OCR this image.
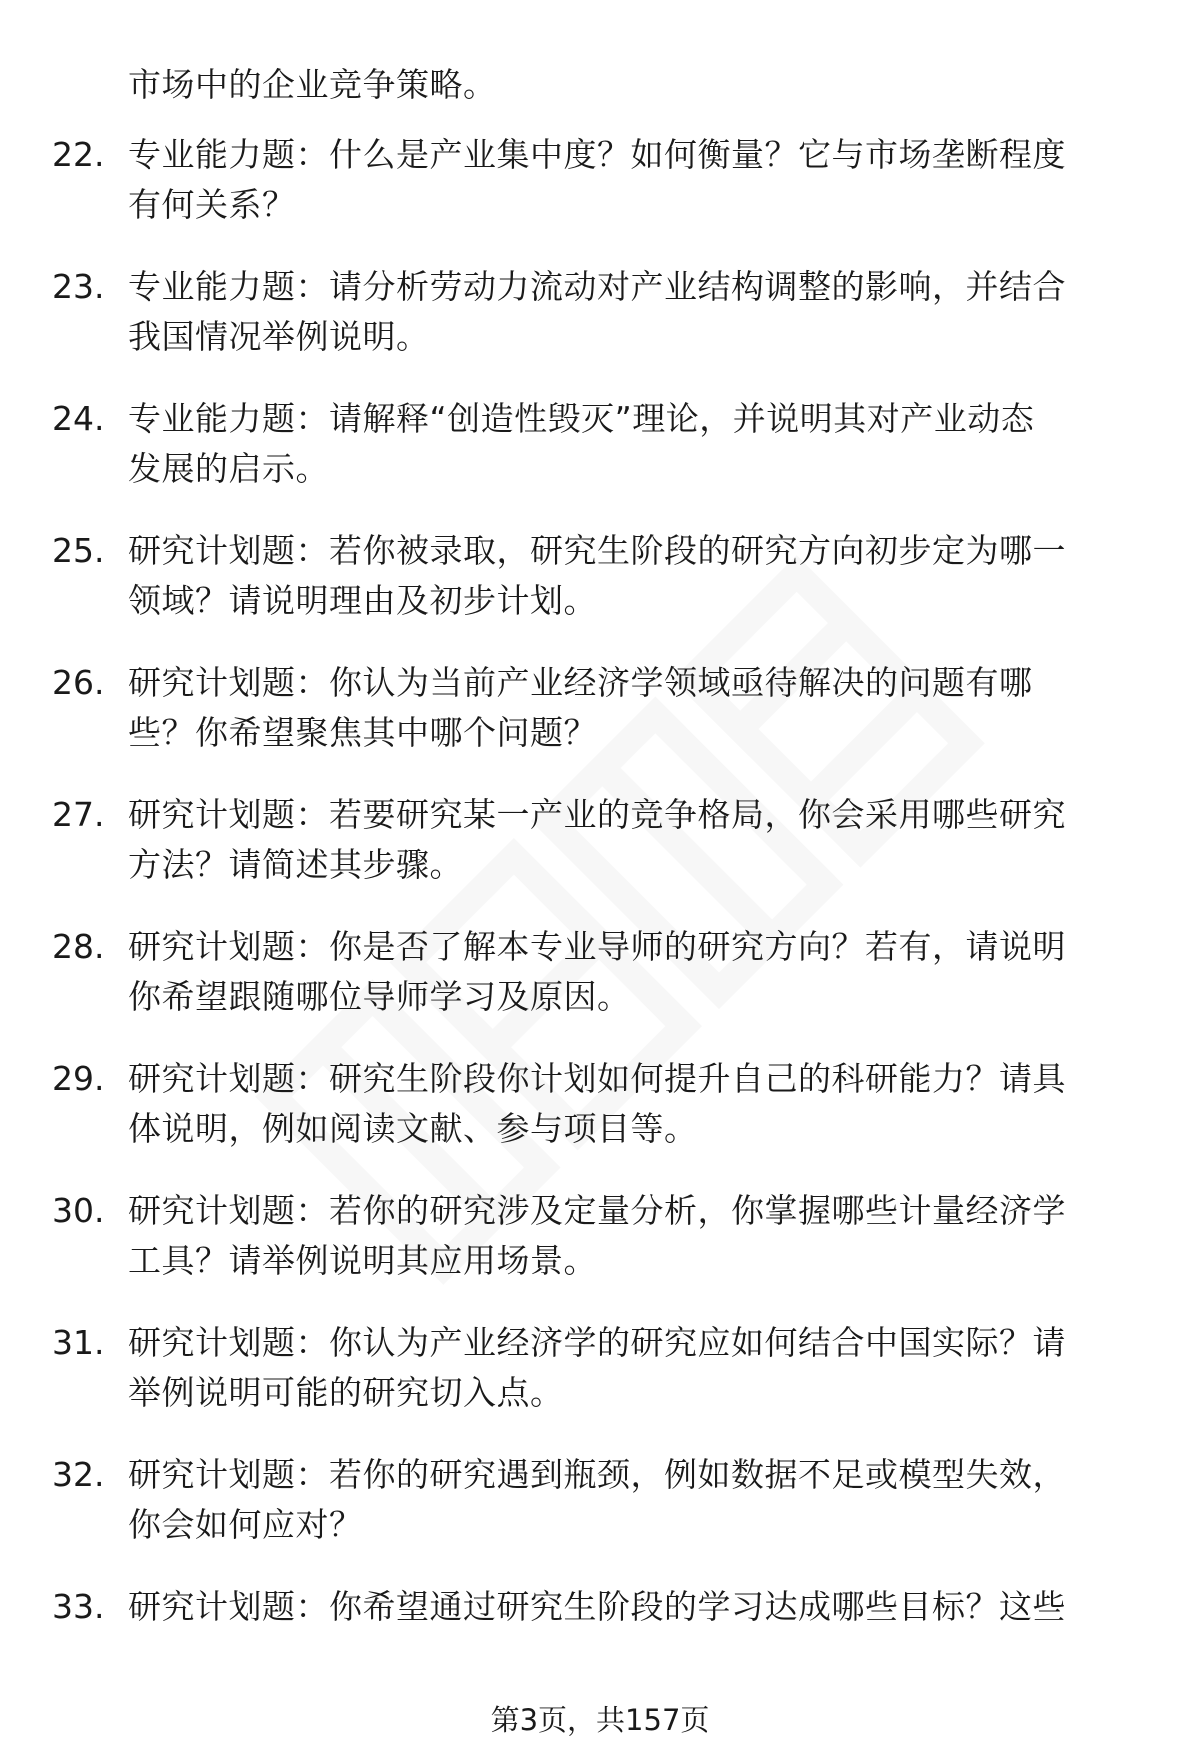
市场中的企业竞争策略。
22. 专业能力题：什么是产业集中度？如何衡量？它与市场垄断程度
有何关系？
23. 专业能力题：请分析劳动力流动对产业结构调整的影响，并结合
我国情况举例说明。
24. 专业能力题：请解释“创造性毁灭”理论，并说明其对产业动态
发展的启示。
25. 研究计划题：若你被录取，研究生阶段的研究方向初步定为哪一
领域？请说明理由及初步计划。
26. 研究计划题：你认为当前产业经济学领域亟待解决的问题有哪
些？你希望聚焦其中哪个问题？
27. 研究计划题：若要研究某一产业的竞争格局，你会采用哪些研究
方法？请简述其步骤。
28. 研究计划题：你是否了解本专业导师的研究方向？若有，请说明
你希望跟随哪位导师学习及原因。
29. 研究计划题：研究生阶段你计划如何提升自己的科研能力？请具
体说明，例如阅读文献、参与项目等。
30. 研究计划题：若你的研究涉及定量分析，你掌握哪些计量经济学
工具？请举例说明其应用场景。
31. 研究计划题：你认为产业经济学的研究应如何结合中国实际？请
举例说明可能的研究切入点。
32. 研究计划题：若你的研究遇到瓶颈，例如数据不足或模型失效，
你会如何应对？
33. 研究计划题：你希望通过研究生阶段的学习达成哪些目标？这些
第3页，共157页
